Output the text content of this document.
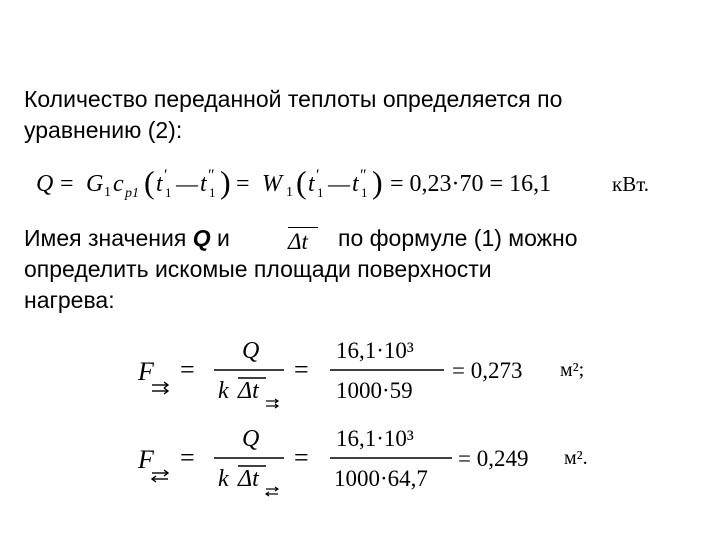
Количество переданной теплоты определяется по
уравнению (2):
Q = G 1 c p1 ( t ′
1 — t ″
1 ) = W 1 ( t ′
1 — t ″
1 ) = 0,23·70 = 16,1	кВт.
Имея значения Q и	Δt по формуле (1) можно
определить искомые площади поверхности
нагрева:
F =
Q
k Δt
=
16,1·10³
1000·59
= 0,273 м²;
F =
Q
k Δt
=
16,1·10³
1000·64,7
= 0,249 м².
